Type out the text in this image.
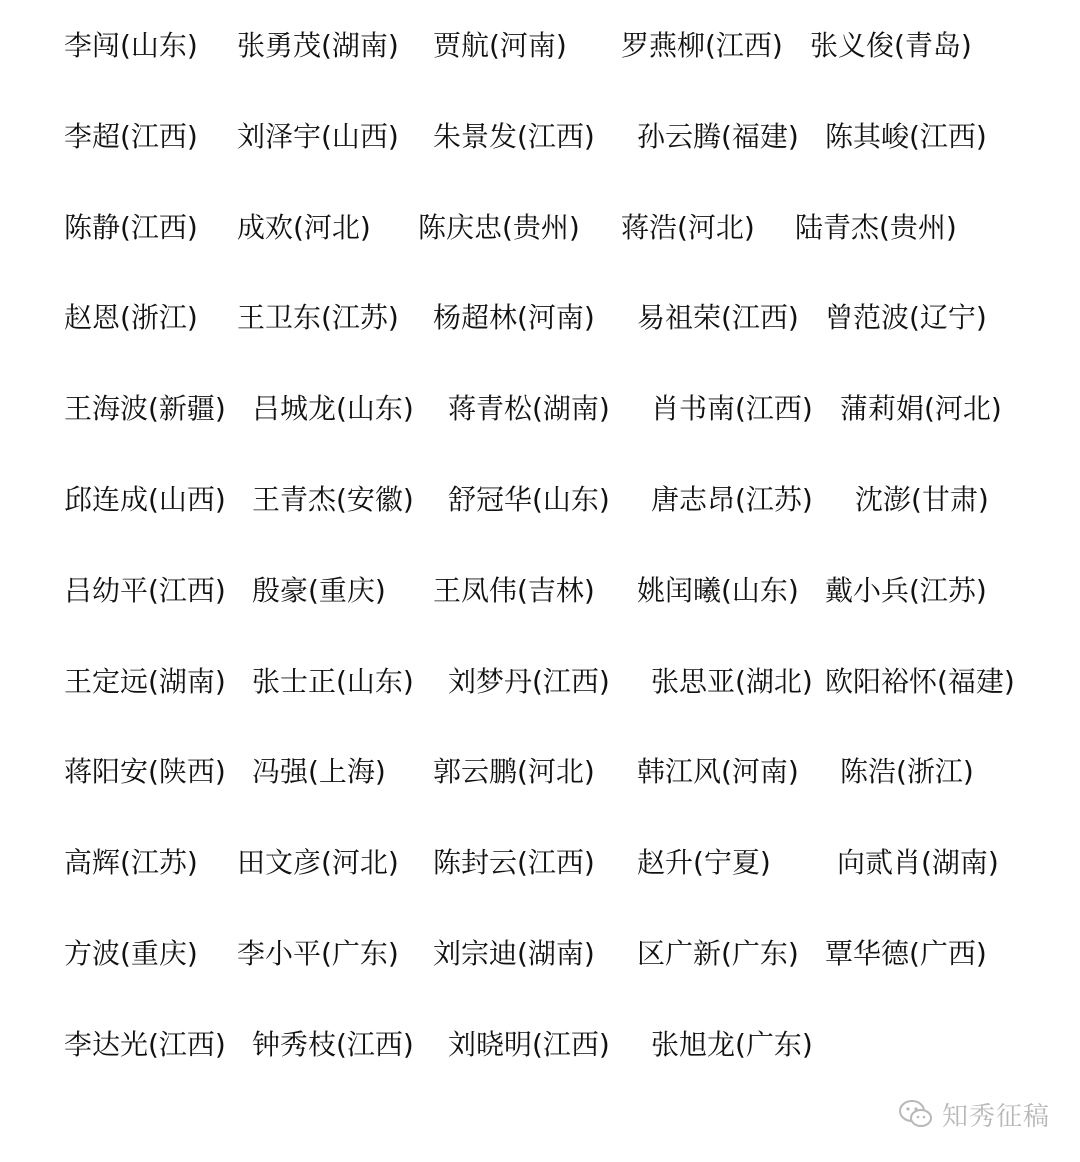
李闯(山东) 张勇茂(湖南) 贾航(河南) 罗燕柳(江西) 张义俊(青岛)
李超(江西) 刘泽宇(山西) 朱景发(江西) 孙云腾(福建) 陈其峻(江西)
陈静(江西) 成欢(河北) 陈庆忠(贵州) 蒋浩(河北) 陆青杰(贵州)
赵恩(浙江) 王卫东(江苏) 杨超林(河南) 易祖荣(江西) 曾范波(辽宁)
王海波(新疆) 吕城龙(山东) 蒋青松(湖南) 肖书南(江西) 蒲莉娟(河北)
邱连成(山西) 王青杰(安徽) 舒冠华(山东) 唐志昂(江苏) 沈澎(甘肃)
吕幼平(江西) 殷豪(重庆) 王凤伟(吉林) 姚闰曦(山东) 戴小兵(江苏)
王定远(湖南) 张士正(山东) 刘梦丹(江西) 张思亚(湖北) 欧阳裕怀(福建)
蒋阳安(陕西) 冯强(上海) 郭云鹏(河北) 韩江风(河南) 陈浩(浙江)
高辉(江苏) 田文彦(河北) 陈封云(江西) 赵升(宁夏) 向贰肖(湖南)
方波(重庆) 李小平(广东) 刘宗迪(湖南) 区广新(广东) 覃华德(广西)
李达光(江西) 钟秀枝(江西) 刘晓明(江西) 张旭龙(广东)
知秀征稿
